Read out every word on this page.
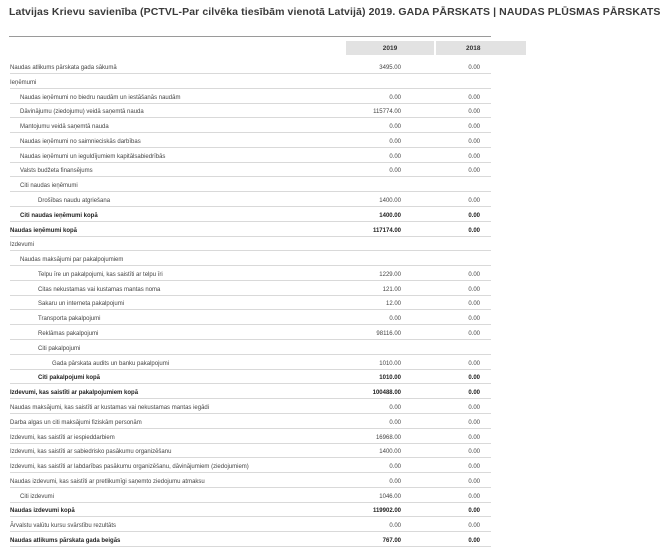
Latvijas Krievu savienība (PCTVL-Par cilvēka tiesībām vienotā Latvijā) 2019. GADA PĀRSKATS | NAUDAS PLŪSMAS PĀRSKATS
2019	2018
Naudas atlikums pārskata gada sākumā	3495.00	0.00
Ieņēmumi
Naudas ieņēmumi no biedru naudām un iestāšanās naudām	0.00	0.00
Dāvinājumu (ziedojumu) veidā saņemtā nauda	115774.00	0.00
Mantojumu veidā saņemtā nauda	0.00	0.00
Naudas ieņēmumi no saimnieciskās darbības	0.00	0.00
Naudas ieņēmumi un ieguldījumiem kapitālsabiedrībās	0.00	0.00
Valsts budžeta finansējums	0.00	0.00
Citi naudas ieņēmumi
Drošības naudu atgriešana	1400.00	0.00
Citi naudas ieņēmumi kopā	1400.00	0.00
Naudas ieņēmumi kopā	117174.00	0.00
Izdevumi
Naudas maksājumi par pakalpojumiem
Telpu īre un pakalpojumi, kas saistīti ar telpu īri	1229.00	0.00
Citas nekustamas vai kustamas mantas noma	121.00	0.00
Sakaru un interneta pakalpojumi	12.00	0.00
Transporta pakalpojumi	0.00	0.00
Reklāmas pakalpojumi	98116.00	0.00
Citi pakalpojumi
Gada pārskata audits un banku pakalpojumi	1010.00	0.00
Citi pakalpojumi kopā	1010.00	0.00
Izdevumi, kas saistīti ar pakalpojumiem kopā	100488.00	0.00
Naudas maksājumi, kas saistīti ar kustamas vai nekustamas mantas iegādi	0.00	0.00
Darba algas un citi maksājumi fiziskām personām	0.00	0.00
Izdevumi, kas saistīti ar iespieddarbiem	16968.00	0.00
Izdevumi, kas saistīti ar sabiedrisko pasākumu organizēšanu	1400.00	0.00
Izdevumi, kas saistīti ar labdarības pasākumu organizēšanu, dāvinājumiem (ziedojumiem)	0.00	0.00
Naudas izdevumi, kas saistīti ar pretlikumīgi saņemto ziedojumu atmaksu	0.00	0.00
Citi izdevumi	1046.00	0.00
Naudas izdevumi kopā	119902.00	0.00
Ārvalstu valūtu kursu svārstību rezultāts	0.00	0.00
Naudas atlikums pārskata gada beigās	767.00	0.00
